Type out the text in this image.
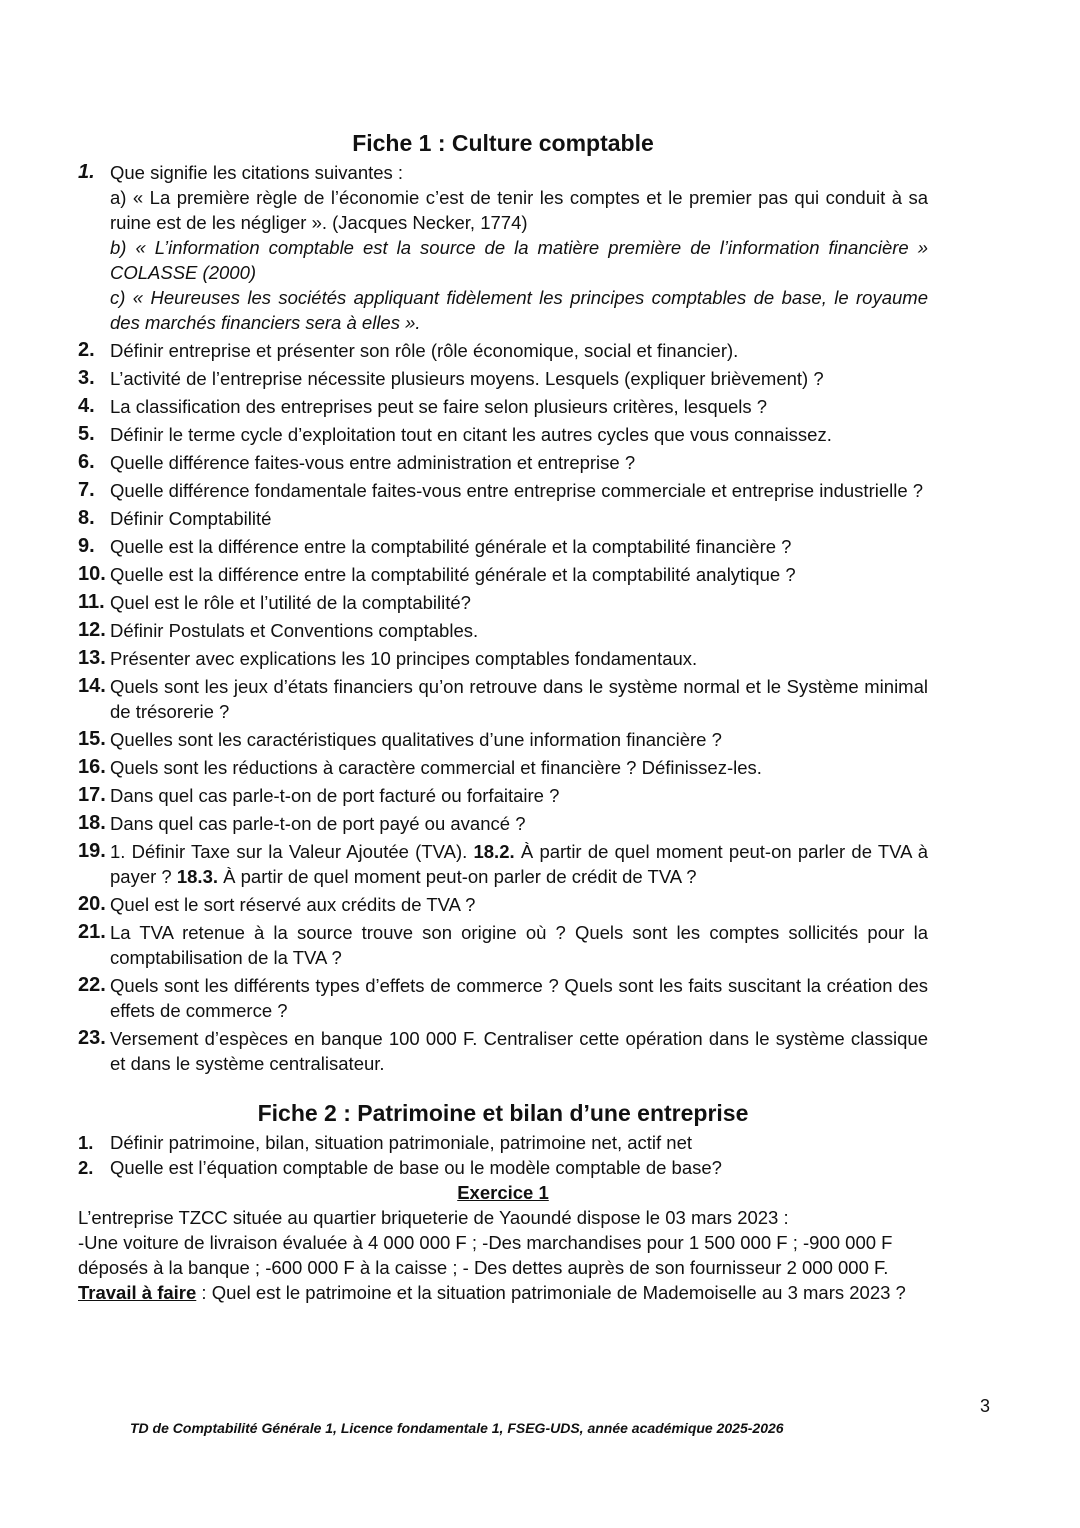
Fiche 1 : Culture comptable
1. Que signifie les citations suivantes :
a) « La première règle de l’économie c’est de tenir les comptes et le premier pas qui conduit à sa ruine est de les négliger ». (Jacques Necker, 1774)
b) « L’information comptable est la source de la matière première de l’information financière » COLASSE (2000)
c) « Heureuses les sociétés appliquant fidèlement les principes comptables de base, le royaume des marchés financiers sera à elles ».
2. Définir entreprise et présenter son rôle (rôle économique, social et financier).
3. L’activité de l’entreprise nécessite plusieurs moyens. Lesquels (expliquer brièvement) ?
4. La classification des entreprises peut se faire selon plusieurs critères, lesquels ?
5. Définir le terme cycle d’exploitation tout en citant les autres cycles que vous connaissez.
6. Quelle différence faites-vous entre administration et entreprise ?
7. Quelle différence fondamentale faites-vous entre entreprise commerciale et entreprise industrielle ?
8. Définir Comptabilité
9. Quelle est la différence entre la comptabilité générale et la comptabilité financière ?
10. Quelle est la différence entre la comptabilité générale et la comptabilité analytique ?
11. Quel est le rôle et l’utilité de la comptabilité?
12. Définir Postulats et Conventions comptables.
13. Présenter avec explications les 10 principes comptables fondamentaux.
14. Quels sont les jeux d’états financiers qu’on retrouve dans le système normal et le Système minimal de trésorerie ?
15. Quelles sont les caractéristiques qualitatives d’une information financière ?
16. Quels sont les réductions à caractère commercial et financière ? Définissez-les.
17. Dans quel cas parle-t-on de port facturé ou forfaitaire ?
18. Dans quel cas parle-t-on de port payé ou avancé ?
19. 1. Définir Taxe sur la Valeur Ajoutée (TVA). 18.2. À partir de quel moment peut-on parler de TVA à payer ? 18.3. À partir de quel moment peut-on parler de crédit de TVA ?
20. Quel est le sort réservé aux crédits de TVA ?
21. La TVA retenue à la source trouve son origine où ? Quels sont les comptes sollicités pour la comptabilisation de la TVA ?
22. Quels sont les différents types d’effets de commerce ? Quels sont les faits suscitant la création des effets de commerce ?
23. Versement d’espèces en banque 100 000 F. Centraliser cette opération dans le système classique et dans le système centralisateur.
Fiche 2 : Patrimoine et bilan d’une entreprise
1. Définir patrimoine, bilan, situation patrimoniale, patrimoine net, actif net
2. Quelle est l’équation comptable de base ou le modèle comptable de base?
Exercice 1
L’entreprise TZCC située au quartier briqueterie de Yaoundé dispose le 03 mars 2023 :
-Une voiture de livraison évaluée à 4 000 000 F ; -Des marchandises pour 1 500 000 F ; -900 000 F déposés à la banque ; -600 000 F à la caisse ; - Des dettes auprès de son fournisseur 2 000 000 F.
Travail à faire : Quel est le patrimoine et la situation patrimoniale de Mademoiselle au 3 mars 2023 ?
3
TD de Comptabilité Générale 1, Licence fondamentale 1, FSEG-UDS, année académique 2025-2026
